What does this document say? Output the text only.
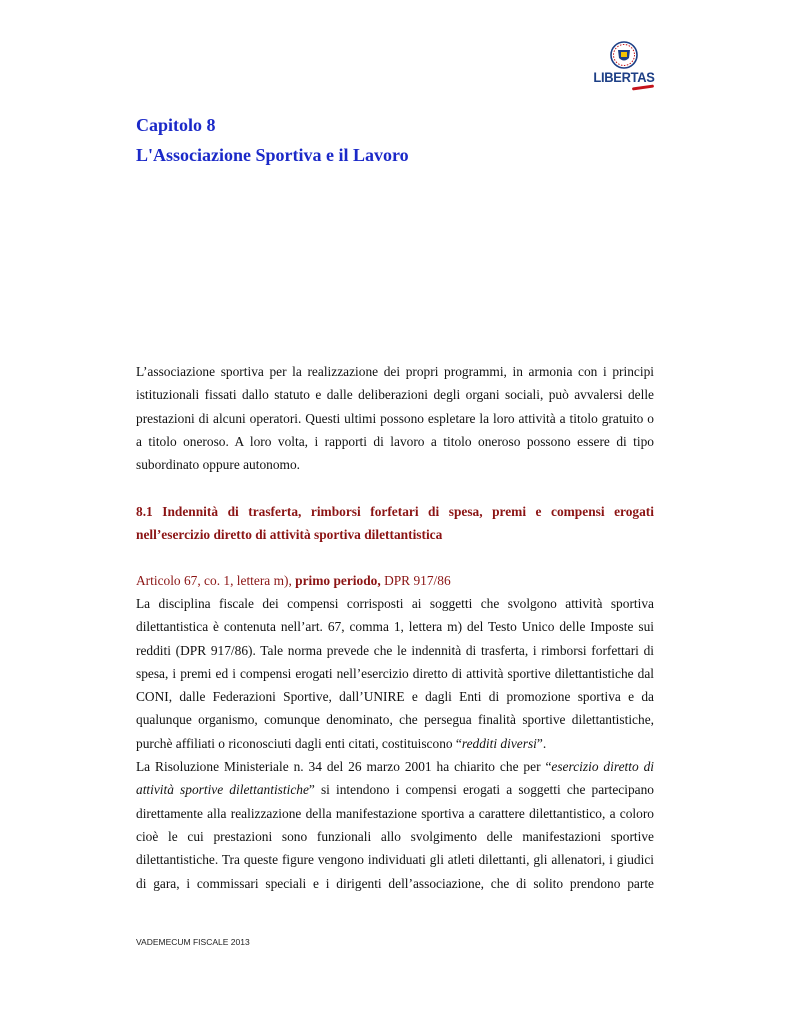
LIBERTAS
Capitolo 8
L'Associazione Sportiva e il Lavoro

L’associazione sportiva per la realizzazione dei propri programmi, in armonia con i principi
istituzionali fissati dallo statuto e dalle deliberazioni degli organi sociali, può avvalersi delle
prestazioni di alcuni operatori. Questi ultimi possono espletare la loro attività a titolo gratuito o
a titolo oneroso. A loro volta, i rapporti di lavoro a titolo oneroso possono essere di tipo
subordinato oppure autonomo.

8.1 Indennità di trasferta, rimborsi forfetari di spesa, premi e compensi erogati
nell’esercizio diretto di attività sportiva dilettantistica

Articolo 67, co. 1, lettera m), primo periodo, DPR 917/86

La disciplina fiscale dei compensi corrisposti ai soggetti che svolgono attività sportiva
dilettantistica è contenuta nell’art. 67, comma 1, lettera m) del Testo Unico delle Imposte sui
redditi (DPR 917/86). Tale norma prevede che le indennità di trasferta, i rimborsi forfettari di
spesa, i premi ed i compensi erogati nell’esercizio diretto di attività sportive dilettantistiche dal
CONI, dalle Federazioni Sportive, dall’UNIRE e dagli Enti di promozione sportiva e da
qualunque organismo, comunque denominato, che persegua finalità sportive dilettantistiche,
purchè affiliati o riconosciuti dagli enti citati, costituiscono “redditi diversi”.
La Risoluzione Ministeriale n. 34 del 26 marzo 2001 ha chiarito che per “esercizio diretto di
attività sportive dilettantistiche” si intendono i compensi erogati a soggetti che partecipano
direttamente alla realizzazione della manifestazione sportiva a carattere dilettantistico, a coloro
cioè le cui prestazioni sono funzionali allo svolgimento delle manifestazioni sportive
dilettantistiche. Tra queste figure vengono individuati gli atleti dilettanti, gli allenatori, i giudici
di gara, i commissari speciali e i dirigenti dell’associazione, che di solito prendono parte

VADEMECUM FISCALE 2013
